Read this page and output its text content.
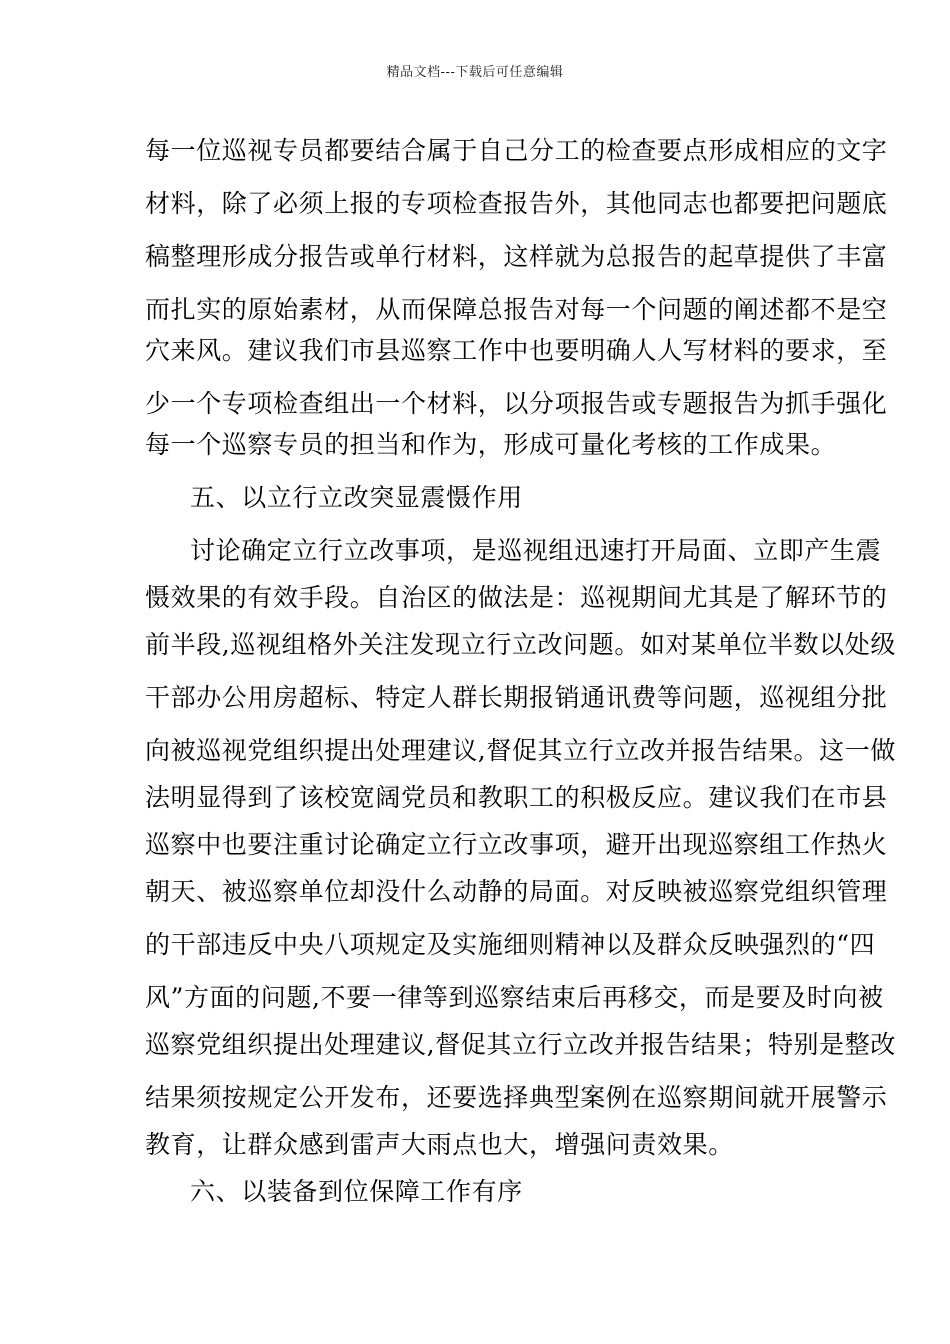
精品文档---下载后可任意编辑
每一位巡视专员都要结合属于自己分工的检查要点形成相应的文字
材料，除了必须上报的专项检查报告外，其他同志也都要把问题底
稿整理形成分报告或单行材料，这样就为总报告的起草提供了丰富
而扎实的原始素材，从而保障总报告对每一个问题的阐述都不是空
穴来风。建议我们市县巡察工作中也要明确人人写材料的要求，至
少一个专项检查组出一个材料，以分项报告或专题报告为抓手强化
每一个巡察专员的担当和作为，形成可量化考核的工作成果。
五、以立行立改突显震慑作用
讨论确定立行立改事项，是巡视组迅速打开局面、立即产生震
慑效果的有效手段。自治区的做法是：巡视期间尤其是了解环节的
前半段,巡视组格外关注发现立行立改问题。如对某单位半数以处级
干部办公用房超标、特定人群长期报销通讯费等问题，巡视组分批
向被巡视党组织提出处理建议,督促其立行立改并报告结果。这一做
法明显得到了该校宽阔党员和教职工的积极反应。建议我们在市县
巡察中也要注重讨论确定立行立改事项，避开出现巡察组工作热火
朝天、被巡察单位却没什么动静的局面。对反映被巡察党组织管理
的干部违反中央八项规定及实施细则精神以及群众反映强烈的“四
风”方面的问题,不要一律等到巡察结束后再移交，而是要及时向被
巡察党组织提出处理建议,督促其立行立改并报告结果；特别是整改
结果须按规定公开发布，还要选择典型案例在巡察期间就开展警示
教育，让群众感到雷声大雨点也大，增强问责效果。
六、以装备到位保障工作有序
